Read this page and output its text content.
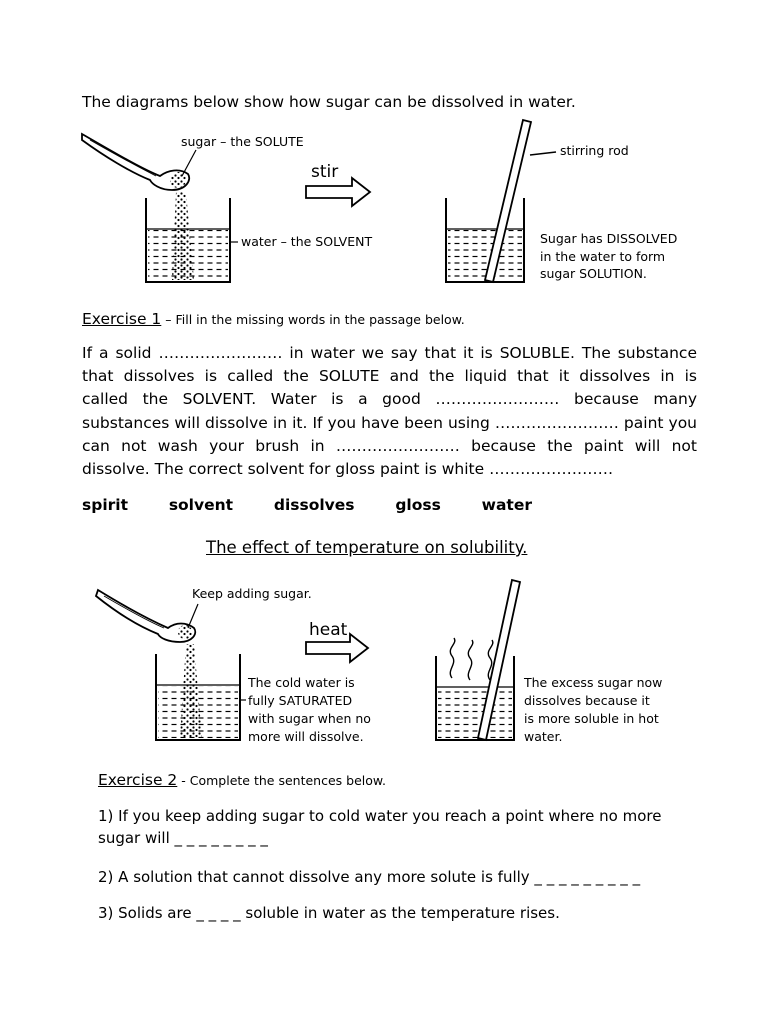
The diagrams below show how sugar can be dissolved in water.
sugar – the SOLUTE
water – the SOLVENT
stir
stirring rod
Sugar has DISSOLVED
in the water to form
sugar SOLUTION.
Exercise 1 – Fill in the missing words in the passage below.
If a solid …………………… in water we say that it is SOLUBLE. The substance
that dissolves is called the SOLUTE and the liquid that it dissolves in is
called the SOLVENT. Water is a good …………………… because many
substances will dissolve in it. If you have been using …………………… paint you
can not wash your brush in …………………… because the paint will not
dissolve. The correct solvent for gloss paint is white ……………………
spirit	solvent	dissolves	gloss	water
The effect of temperature on solubility.
Keep adding sugar.
heat
The cold water is
fully SATURATED
with sugar when no
more will dissolve.
The excess sugar now
dissolves because it
is more soluble in hot
water.
Exercise 2 - Complete the sentences below.
1) If you keep adding sugar to cold water you reach a point where no more
sugar will _ _ _ _ _ _ _ _
2) A solution that cannot dissolve any more solute is fully _ _ _ _ _ _ _ _ _
3) Solids are _ _ _ _ soluble in water as the temperature rises.
